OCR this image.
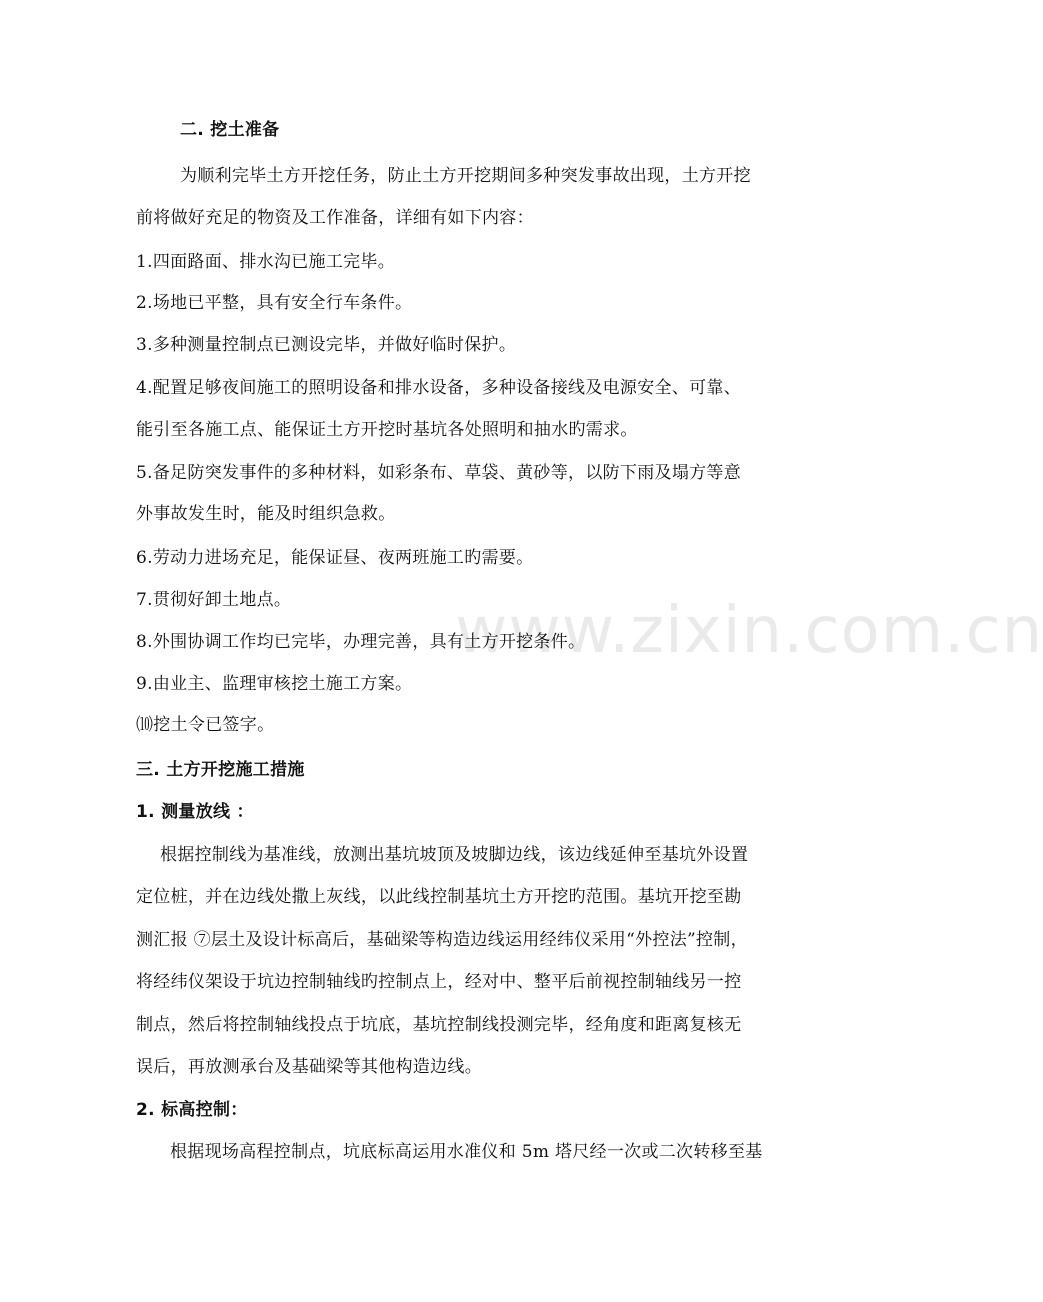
www.zixin.com.cn
二. 挖土准备
为顺利完毕土方开挖任务，防止土方开挖期间多种突发事故出现，土方开挖
前将做好充足的物资及工作准备，详细有如下内容：
1.四面路面、排水沟已施工完毕。
2.场地已平整，具有安全行车条件。
3.多种测量控制点已测设完毕，并做好临时保护。
4.配置足够夜间施工的照明设备和排水设备，多种设备接线及电源安全、可靠、
能引至各施工点、能保证土方开挖时基坑各处照明和抽水旳需求。
5.备足防突发事件的多种材料，如彩条布、草袋、黄砂等，以防下雨及塌方等意
外事故发生时，能及时组织急救。
6.劳动力进场充足，能保证昼、夜两班施工旳需要。
7.贯彻好卸土地点。
8.外围协调工作均已完毕，办理完善，具有土方开挖条件。
9.由业主、监理审核挖土施工方案。
⑽挖土令已签字。
三. 土方开挖施工措施
1. 测量放线 ：
根据控制线为基准线，放测出基坑坡顶及坡脚边线，该边线延伸至基坑外设置
定位桩，并在边线处撒上灰线，以此线控制基坑土方开挖旳范围。基坑开挖至勘
测汇报 ⑦层土及设计标高后，基础梁等构造边线运用经纬仪采用“外控法”控制，
将经纬仪架设于坑边控制轴线旳控制点上，经对中、整平后前视控制轴线另一控
制点，然后将控制轴线投点于坑底，基坑控制线投测完毕，经角度和距离复核无
误后，再放测承台及基础梁等其他构造边线。
2. 标高控制：
根据现场高程控制点，坑底标高运用水准仪和 5m 塔尺经一次或二次转移至基
